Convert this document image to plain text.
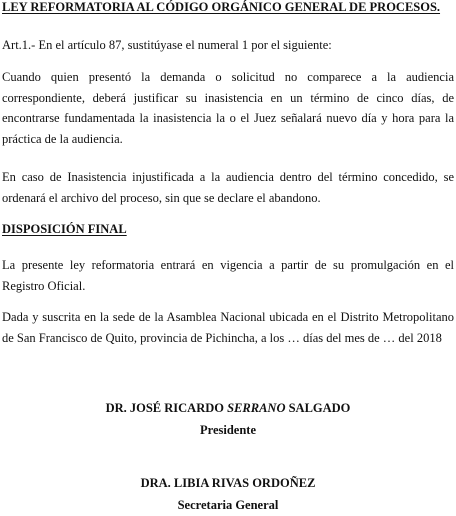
LEY REFORMATORIA AL CÓDIGO ORGÁNICO GENERAL DE PROCESOS.

Art.1.- En el artículo 87, sustitúyase el numeral 1 por el siguiente:

Cuando quien presentó la demanda o solicitud no comparece a la audiencia
correspondiente, deberá justificar su inasistencia en un término de cinco días, de
encontrarse fundamentada la inasistencia la o el Juez señalará nuevo día y hora para la
práctica de la audiencia.

En caso de Inasistencia injustificada a la audiencia dentro del término concedido, se
ordenará el archivo del proceso, sin que se declare el abandono.

DISPOSICIÓN FINAL

La presente ley reformatoria entrará en vigencia a partir de su promulgación en el
Registro Oficial.

Dada y suscrita en la sede de la Asamblea Nacional ubicada en el Distrito Metropolitano
de San Francisco de Quito, provincia de Pichincha, a los … días del mes de … del 2018

DR. JOSÉ RICARDO SERRANO SALGADO

Presidente

DRA. LIBIA RIVAS ORDOÑEZ

Secretaria General
